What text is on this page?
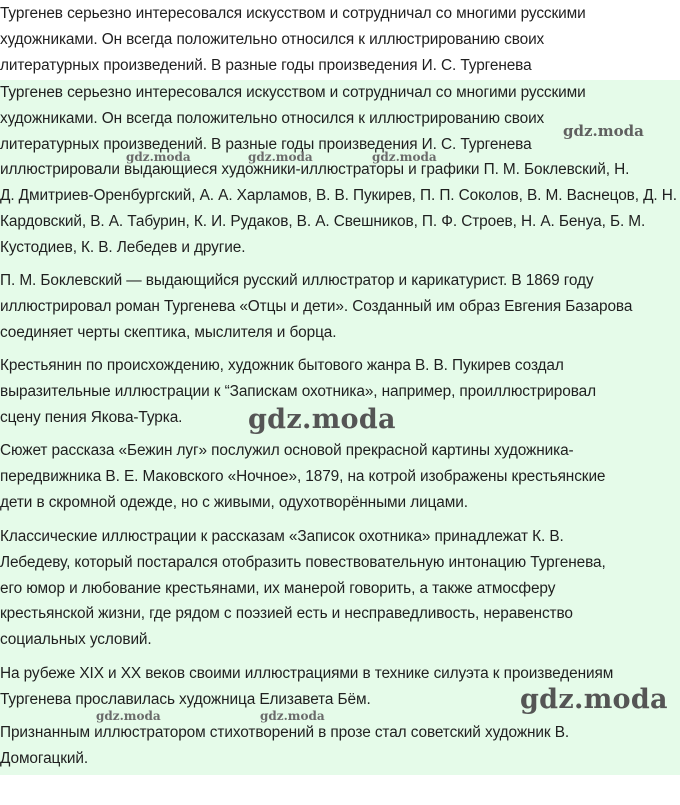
Тургенев серьезно интересовался искусством и сотрудничал со многими русскими
художниками. Он всегда положительно относился к иллюстрированию своих
литературных произведений. В разные годы произведения И. С. Тургенева

Тургенев серьезно интересовался искусством и сотрудничал со многими русскими
художниками. Он всегда положительно относился к иллюстрированию своих
литературных произведений. В разные годы произведения И. С. Тургенева
иллюстрировали выдающиеся художники-иллюстраторы и графики П. М. Боклевский, Н.
Д. Дмитриев-Оренбургский, А. А. Харламов, В. В. Пукирев, П. П. Соколов, В. М. Васнецов, Д. Н.
Кардовский, В. А. Табурин, К. И. Рудаков, В. А. Свешников, П. Ф. Строев, Н. А. Бенуа, Б. М.
Кустодиев, К. В. Лебедев и другие.

П. М. Боклевский — выдающийся русский иллюстратор и карикатурист. В 1869 году
иллюстрировал роман Тургенева «Отцы и дети». Созданный им образ Евгения Базарова
соединяет черты скептика, мыслителя и борца.

Крестьянин по происхождению, художник бытового жанра В. В. Пукирев создал
выразительные иллюстрации к “Запискам охотника», например, проиллюстрировал
сцену пения Якова-Турка.

Сюжет рассказа «Бежин луг» послужил основой прекрасной картины художника-
передвижника В. Е. Маковского «Ночное», 1879, на котрой изображены крестьянские
дети в скромной одежде, но с живыми, одухотворёнными лицами.

Классические иллюстрации к рассказам «Записок охотника» принадлежат К. В.
Лебедеву, который постарался отобразить повествовательную интонацию Тургенева,
его юмор и любование крестьянами, их манерой говорить, а также атмосферу
крестьянской жизни, где рядом с поэзией есть и несправедливость, неравенство
социальных условий.

На рубеже XIX и XX веков своими иллюстрациями в технике силуэта к произведениям
Тургенева прославилась художница Елизавета Бём.

Признанным иллюстратором стихотворений в прозе стал советский художник В.
Домогацкий.

gdz.moda
gdz.moda	gdz.moda	gdz.moda
gdz.moda
gdz.moda
gdz.moda	gdz.moda
